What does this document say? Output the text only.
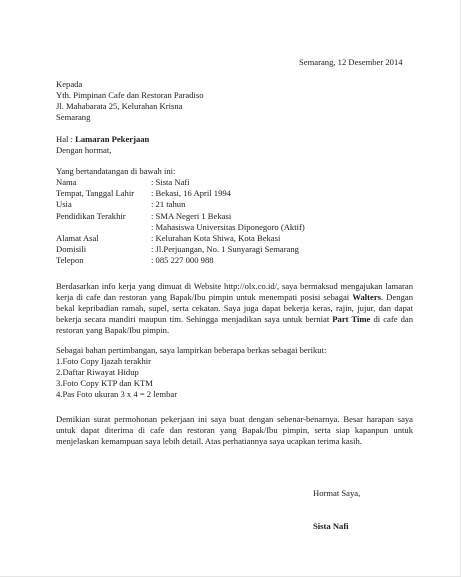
Semarang, 12 Desember 2014
Kepada
Yth. Pimpinan Cafe dan Restoran Paradiso
Jl. Mahabarata 25, Kelurahan Krisna
Semarang
Hal : Lamaran Pekerjaan
Dengan hormat,
Yang bertandatangan di bawah ini:
Nama	: Sista Nafi
Tempat, Tanggal Lahir : Bekasi, 16 April 1994
Usia	: 21 tahun
Pendidikan Terakhir	: SMA Negeri 1 Bekasi
: Mahasiswa Universitas Diponegoro (Aktif)
Alamat Asal	: Kelurahan Kota Shiwa, Kota Bekasi
Domisili	: Jl.Perjuangan, No. 1 Sunyaragi Semarang
Telepon	: 085 227 000 988
Berdasarkan info kerja yang dimuat di Website http://olx.co.id/, saya bermaksud mengajukan lamaran kerja di cafe dan restoran yang Bapak/Ibu pimpin untuk menempati posisi sebagai Walters. Dengan bekal kepribadian ramah, supel, serta cekatan. Saya juga dapat bekerja keras, rajin, jujur, dan dapat bekerja secara mandiri maupun tim. Sehingga menjadikan saya untuk berniat Part Time di cafe dan restoran yang Bapak/Ibu pimpin.
Sebagai bahan pertimbangan, saya lampirkan beberapa berkas sebagai berikut:
1.Foto Copy Ijazah terakhir
2.Daftar Riwayat Hidup
3.Foto Copy KTP dan KTM
4.Pas Foto ukuran 3 x 4 = 2 lembar
Demikian surat permohonan pekerjaan ini saya buat dengan sebenar-benarnya. Besar harapan saya untuk dapat diterima di cafe dan restoran yang Bapak/Ibu pimpin, serta siap kapanpun untuk menjelaskan kemampuan saya lebih detail. Atas perhatiannya saya ucapkan terima kasih.
Hormat Saya,
Sista Nafi
